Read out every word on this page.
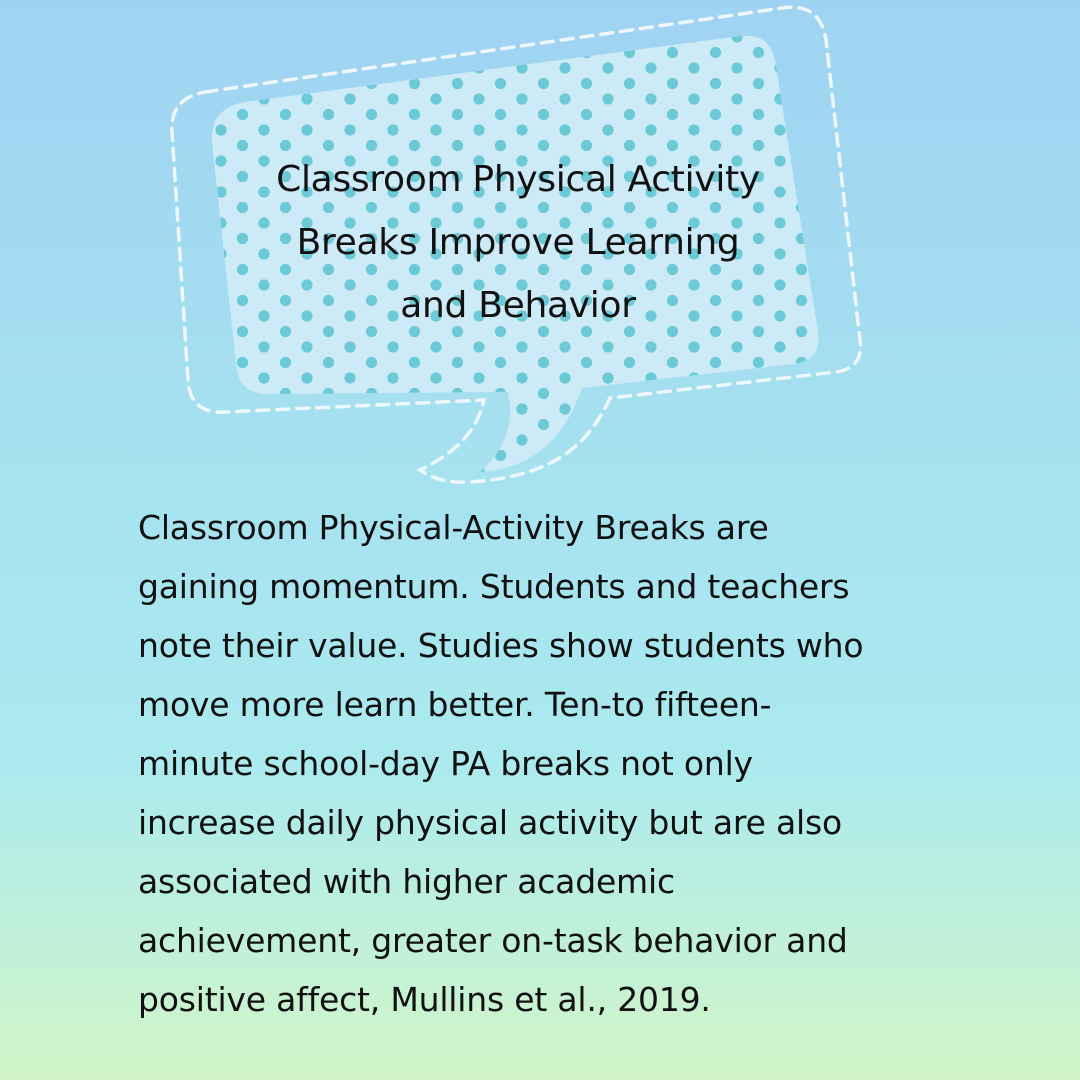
Classroom Physical Activity
Breaks Improve Learning
and Behavior

Classroom Physical-Activity Breaks are
gaining momentum. Students and teachers
note their value. Studies show students who
move more learn better. Ten-to fifteen-
minute school-day PA breaks not only
increase daily physical activity but are also
associated with higher academic
achievement, greater on-task behavior and
positive affect, Mullins et al., 2019.
